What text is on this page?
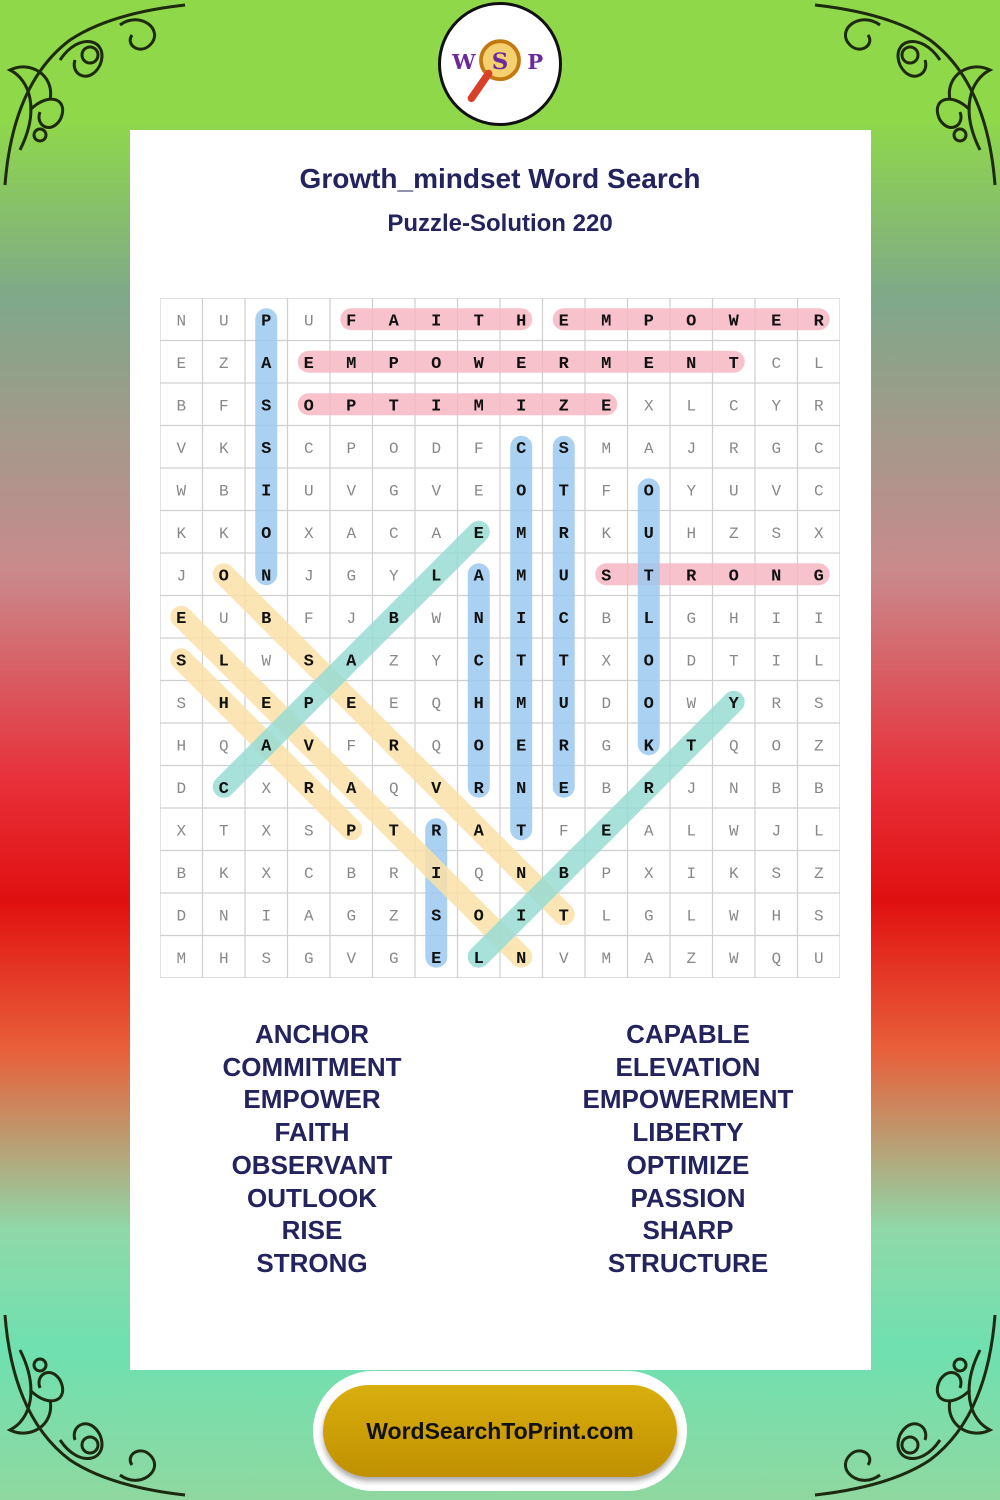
W S P
Growth_mindset Word Search
Puzzle-Solution 220
N U P U F A I T H E M P O W E R
E Z A E M P O W E R M E N T C L
B F S O P T I M I Z E X L C Y R
V K S C P O D F C S M A J R G C
W B I U V G V E O T F O Y U V C
K K O X A C A E M R K U H Z S X
J O N J G Y L A M U S T R O N G
E U B F J B W N I C B L G H I I
S L W S A Z Y C T T X O D T I L
S H E P E E Q H M U D O W Y R S
H Q A V F R Q O E R G K T Q O Z
D C X R A Q V R N E B R J N B B
X T X S P T R A T F E A L W J L
B K X C B R I Q N B P X I K S Z
D N I A G Z S O I T L G L W H S
M H S G V G E L N V M A Z W Q U
ANCHOR
COMMITMENT
EMPOWER
FAITH
OBSERVANT
OUTLOOK
RISE
STRONG
CAPABLE
ELEVATION
EMPOWERMENT
LIBERTY
OPTIMIZE
PASSION
SHARP
STRUCTURE
WordSearchToPrint.com
